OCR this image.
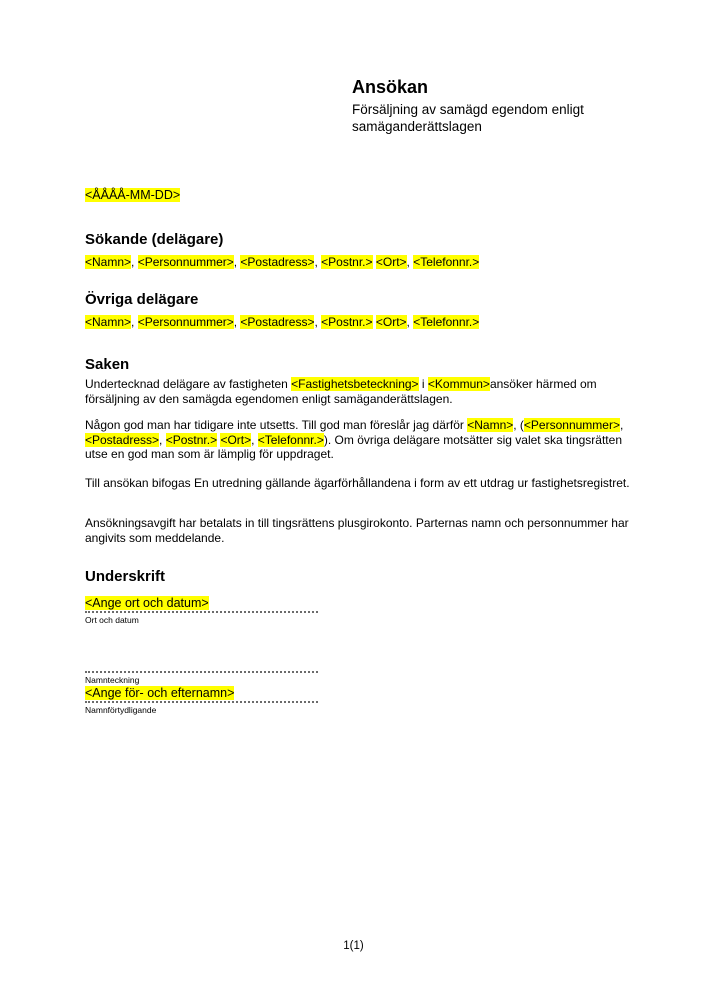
Ansökan
Försäljning av samägd egendom enligt samäganderättslagen
<ÅÅÅÅ-MM-DD>
Sökande (delägare)

<Namn>, <Personnummer>, <Postadress>, <Postnr.> <Ort>, <Telefonnr.>

Övriga delägare

<Namn>, <Personnummer>, <Postadress>, <Postnr.> <Ort>, <Telefonnr.>

Saken

Undertecknad delägare av fastigheten <Fastighetsbeteckning> i <Kommun>ansöker härmed om försäljning av den samägda egendomen enligt samäganderättslagen.

Någon god man har tidigare inte utsetts. Till god man föreslår jag därför <Namn>, (<Personnummer>, <Postadress>, <Postnr.> <Ort>, <Telefonnr.>). Om övriga delägare motsätter sig valet ska tingsrätten utse en god man som är lämplig för uppdraget.

Till ansökan bifogas En utredning gällande ägarförhållandena i form av ett utdrag ur fastighetsregistret.

Ansökningsavgift har betalats in till tingsrättens plusgirokonto. Parternas namn och personnummer har angivits som meddelande.

Underskrift
<Ange ort och datum>
Ort och datum
Namnteckning
<Ange för- och efternamn>
Namnförtydligande
1(1)
